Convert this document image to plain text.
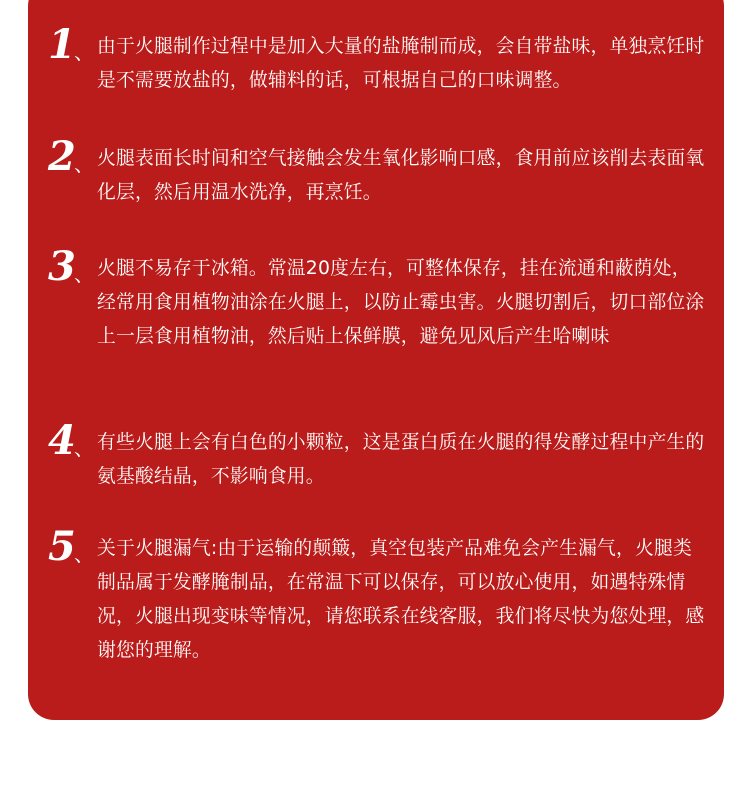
1
、 由于火腿制作过程中是加入大量的盐腌制而成，会自带盐味，单独烹饪时是不需要放盐的，做辅料的话，可根据自己的口味调整。
2
、 火腿表面长时间和空气接触会发生氧化影响口感，食用前应该削去表面氧化层，然后用温水洗净，再烹饪。
3
、 火腿不易存于冰箱。常温20度左右，可整体保存，挂在流通和蔽荫处，经常用食用植物油涂在火腿上，以防止霉虫害。火腿切割后，切口部位涂上一层食用植物油，然后贴上保鲜膜，避免见风后产生哈喇味
4
、 有些火腿上会有白色的小颗粒，这是蛋白质在火腿的得发酵过程中产生的氨基酸结晶，不影响食用。
5
、 关于火腿漏气:由于运输的颠簸，真空包装产品难免会产生漏气，火腿类制品属于发酵腌制品，在常温下可以保存，可以放心使用，如遇特殊情况，火腿出现变味等情况，请您联系在线客服，我们将尽快为您处理，感谢您的理解。
